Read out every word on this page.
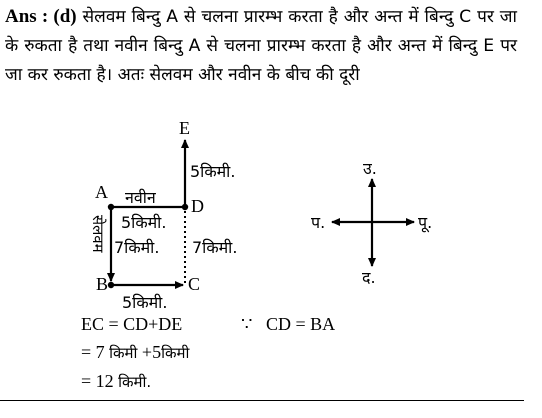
Ans : (d) सेलवम बिन्दु A से चलना प्रारम्भ करता है और अन्त में बिन्दु C पर जा के रुकता है तथा नवीन बिन्दु A से चलना प्रारम्भ करता है और अन्त में बिन्दु E पर जा कर रुकता है। अतः सेलवम और नवीन के बीच की दूरी
E
5किमी.
A नवीन D
5किमी.
सेलवम 7किमी. 7किमी.
B	C
5किमी.
उ.
प.	पू.
द.
EC = CD+DE	∵ CD = BA
= 7 किमी +5किमी
= 12 किमी.
